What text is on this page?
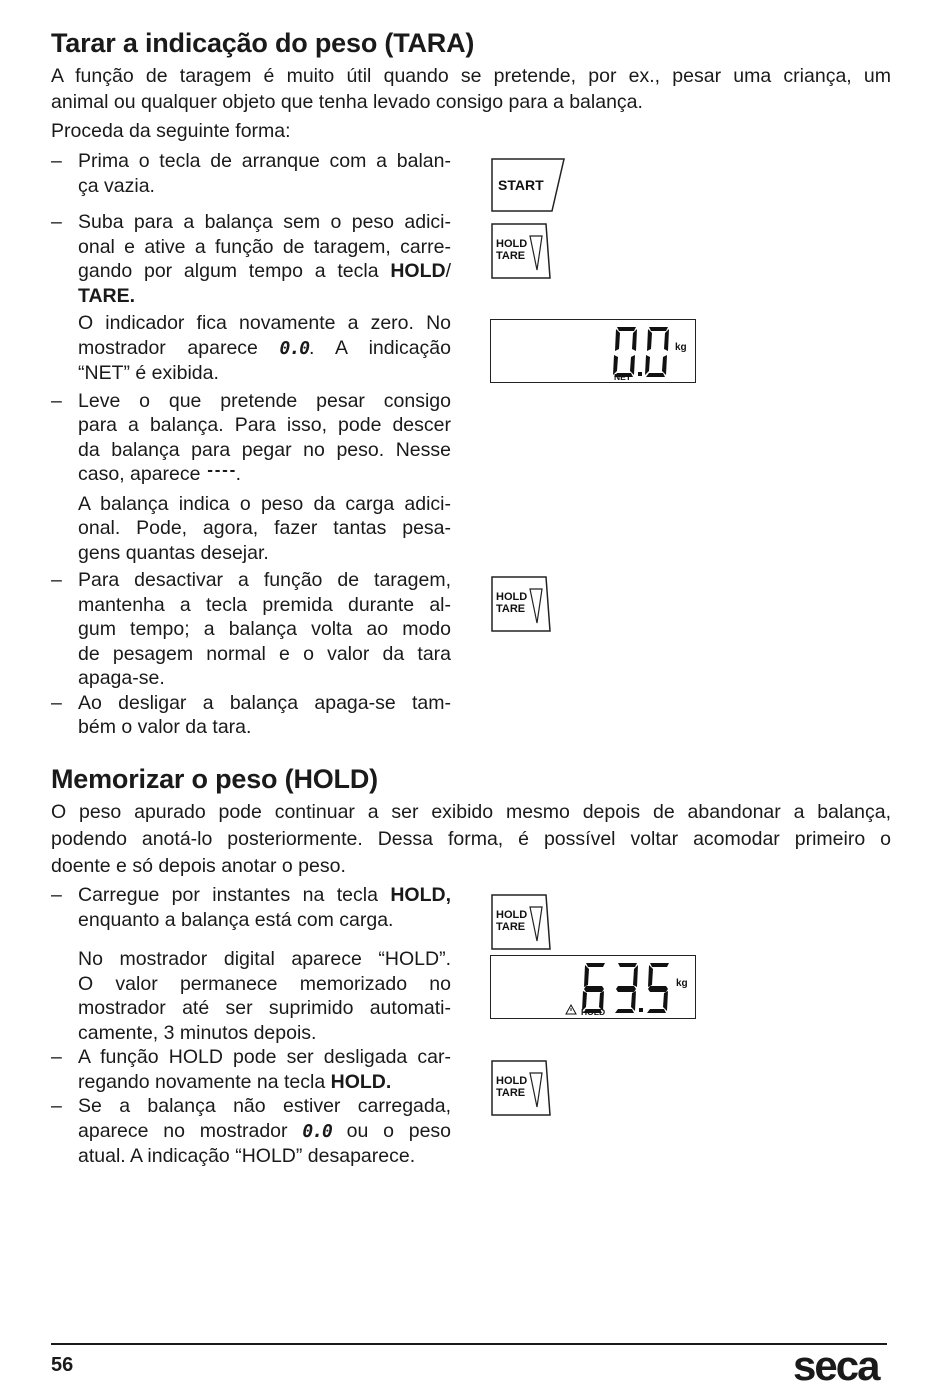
Tarar a indicação do peso (TARA)
A função de taragem é muito útil quando se pretende, por ex., pesar uma criança, um
animal ou qualquer objeto que tenha levado consigo para a balança.
Proceda da seguinte forma:
– Prima o tecla de arranque com a balan-
ça vazia.
– Suba para a balança sem o peso adici-
onal e ative a função de taragem, carre-
gando por algum tempo a tecla HOLD/
TARE.
O indicador fica novamente a zero. No
mostrador aparece 0.0. A indicação
“NET” é exibida.
– Leve o que pretende pesar consigo
para a balança. Para isso, pode descer
da balança para pegar no peso. Nesse
caso, aparece ----.
A balança indica o peso da carga adici-
onal. Pode, agora, fazer tantas pesa-
gens quantas desejar.
– Para desactivar a função de taragem,
mantenha a tecla premida durante al-
gum tempo; a balança volta ao modo
de pesagem normal e o valor da tara
apaga-se.
– Ao desligar a balança apaga-se tam-
bém o valor da tara.
START
HOLD
TARE
kg
NET
HOLD
TARE
Memorizar o peso (HOLD)
O peso apurado pode continuar a ser exibido mesmo depois de abandonar a balança,
podendo anotá-lo posteriormente. Dessa forma, é possível voltar acomodar primeiro o
doente e só depois anotar o peso.
– Carregue por instantes na tecla HOLD,
enquanto a balança está com carga.
No mostrador digital aparece “HOLD”.
O valor permanece memorizado no
mostrador até ser suprimido automati-
camente, 3 minutos depois.
– A função HOLD pode ser desligada car-
regando novamente na tecla HOLD.
– Se a balança não estiver carregada,
aparece no mostrador 0.0 ou o peso
atual. A indicação “HOLD” desaparece.
HOLD
TARE
kg
HOLD
HOLD
TARE
56	seca
